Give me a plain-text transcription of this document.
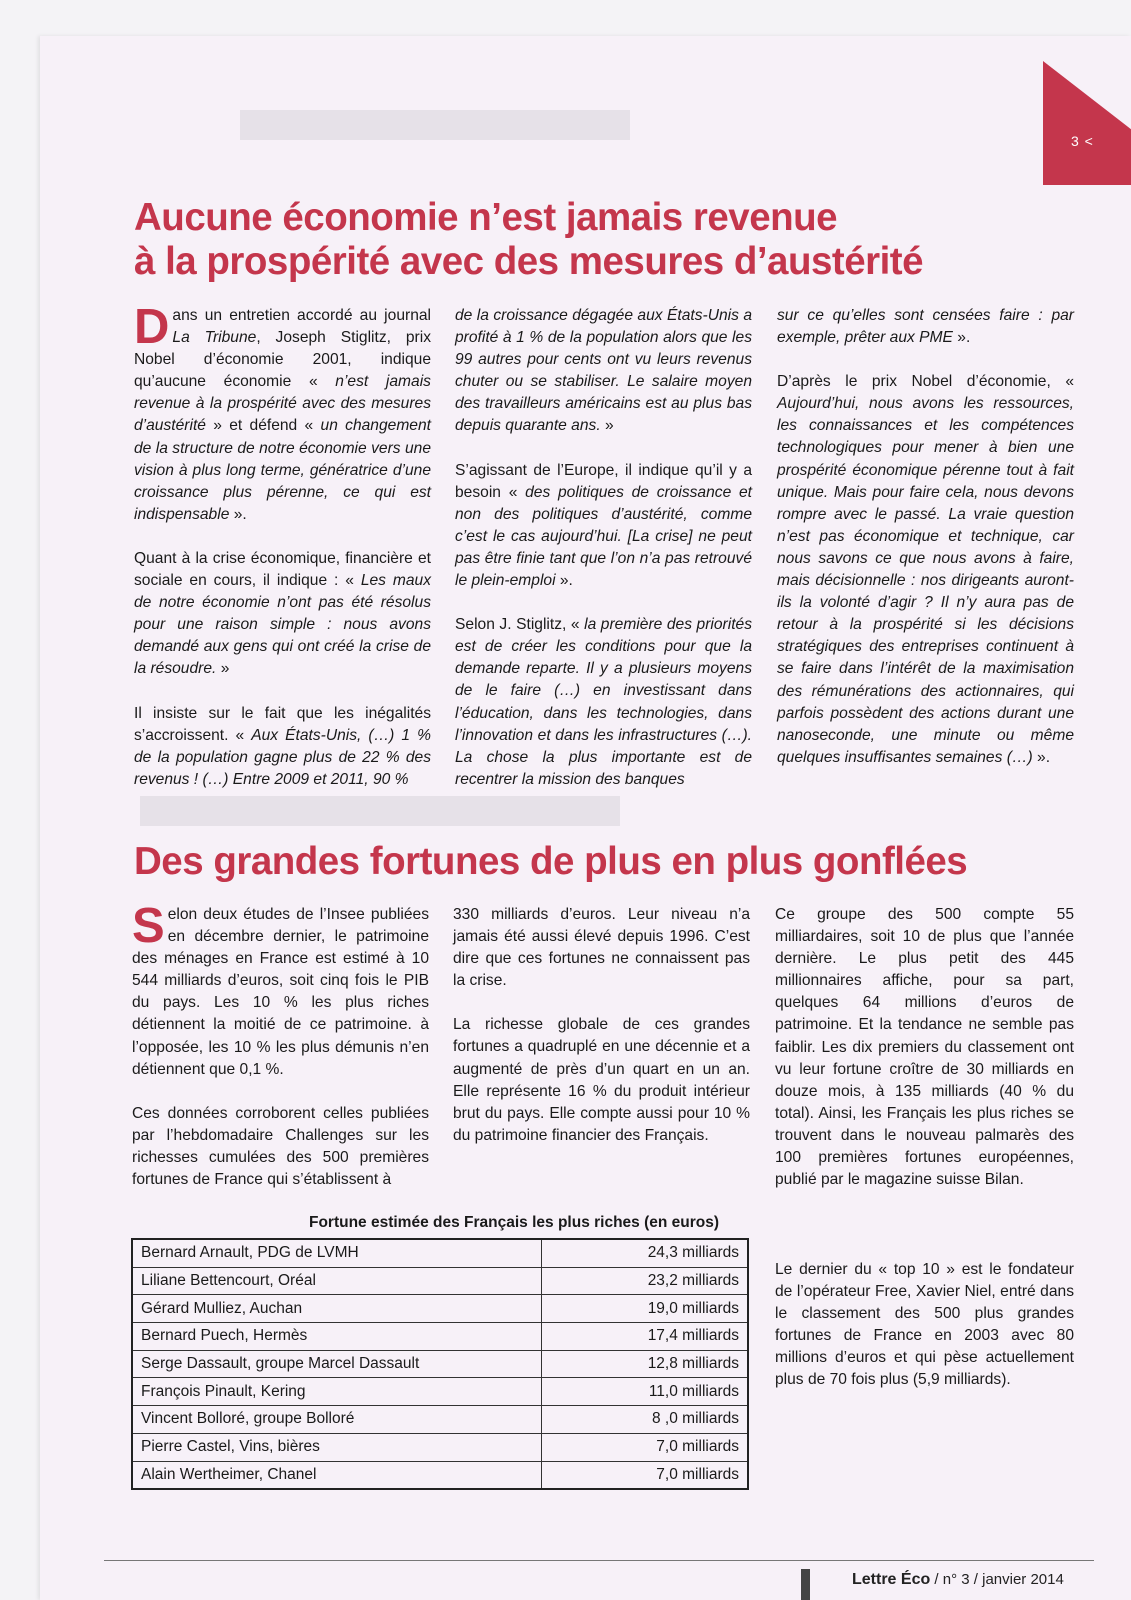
3 <
Aucune économie n’est jamais revenue
à la prospérité avec des mesures d’austérité

Dans un entretien accordé au journal La Tribune, Joseph Stiglitz, prix Nobel d’économie 2001, indique qu’aucune économie « n’est jamais revenue à la prospérité avec des mesures d’austérité » et défend « un changement de la structure de notre économie vers une vision à plus long terme, génératrice d’une croissance plus pérenne, ce qui est indispensable ».

Quant à la crise économique, financière et sociale en cours, il indique : « Les maux de notre économie n’ont pas été résolus pour une raison simple : nous avons demandé aux gens qui ont créé la crise de la résoudre. »

Il insiste sur le fait que les inégalités s’accroissent. « Aux États-Unis, (…) 1 % de la population gagne plus de 22 % des revenus ! (…) Entre 2009 et 2011, 90 %

de la croissance dégagée aux États-Unis a profité à 1 % de la population alors que les 99 autres pour cents ont vu leurs revenus chuter ou se stabiliser. Le salaire moyen des travailleurs américains est au plus bas depuis quarante ans. »

S’agissant de l’Europe, il indique qu’il y a besoin « des politiques de croissance et non des politiques d’austérité, comme c’est le cas aujourd’hui. [La crise] ne peut pas être finie tant que l’on n’a pas retrouvé le plein-emploi ».

Selon J. Stiglitz, « la première des priorités est de créer les conditions pour que la demande reparte. Il y a plusieurs moyens de le faire (…) en investissant dans l’éducation, dans les technologies, dans l’innovation et dans les infrastructures (…). La chose la plus importante est de recentrer la mission des banques

sur ce qu’elles sont censées faire : par exemple, prêter aux PME ».

D’après le prix Nobel d’économie, « Aujourd’hui, nous avons les ressources, les connaissances et les compétences technologiques pour mener à bien une prospérité économique pérenne tout à fait unique. Mais pour faire cela, nous devons rompre avec le passé. La vraie question n’est pas économique et technique, car nous savons ce que nous avons à faire, mais décisionnelle : nos dirigeants auront-ils la volonté d’agir ? Il n’y aura pas de retour à la prospérité si les décisions stratégiques des entreprises continuent à se faire dans l’intérêt de la maximisation des rémunérations des actionnaires, qui parfois possèdent des actions durant une nanoseconde, une minute ou même quelques insuffisantes semaines (…) ».

Des grandes fortunes de plus en plus gonflées

Selon deux études de l’Insee publiées en décembre dernier, le patrimoine des ménages en France est estimé à 10 544 milliards d’euros, soit cinq fois le PIB du pays. Les 10 % les plus riches détiennent la moitié de ce patrimoine. à l’opposée, les 10 % les plus démunis n’en détiennent que 0,1 %.

Ces données corroborent celles publiées par l’hebdomadaire Challenges sur les richesses cumulées des 500 premières fortunes de France qui s’établissent à

330 milliards d’euros. Leur niveau n’a jamais été aussi élevé depuis 1996. C’est dire que ces fortunes ne connaissent pas la crise.

La richesse globale de ces grandes fortunes a quadruplé en une décennie et a augmenté de près d’un quart en un an. Elle représente 16 % du produit intérieur brut du pays. Elle compte aussi pour 10 % du patrimoine financier des Français.

Ce groupe des 500 compte 55 milliardaires, soit 10 de plus que l’année dernière. Le plus petit des 445 millionnaires affiche, pour sa part, quelques 64 millions d’euros de patrimoine. Et la tendance ne semble pas faiblir. Les dix premiers du classement ont vu leur fortune croître de 30 milliards en douze mois, à 135 milliards (40 % du total). Ainsi, les Français les plus riches se trouvent dans le nouveau palmarès des 100 premières fortunes européennes, publié par le magazine suisse Bilan.

Le dernier du « top 10 » est le fondateur de l’opérateur Free, Xavier Niel, entré dans le classement des 500 plus grandes fortunes de France en 2003 avec 80 millions d’euros et qui pèse actuellement plus de 70 fois plus (5,9 milliards).

Fortune estimée des Français les plus riches (en euros)
Bernard Arnault, PDG de LVMH	24,3 milliards
Liliane Bettencourt, Oréal	23,2 milliards
Gérard Mulliez, Auchan	19,0 milliards
Bernard Puech, Hermès	17,4 milliards
Serge Dassault, groupe Marcel Dassault	12,8 milliards
François Pinault, Kering	11,0 milliards
Vincent Bolloré, groupe Bolloré	8 ,0 milliards
Pierre Castel, Vins, bières	7,0 milliards
Alain Wertheimer, Chanel	7,0 milliards
Lettre Éco / n° 3 / janvier 2014
